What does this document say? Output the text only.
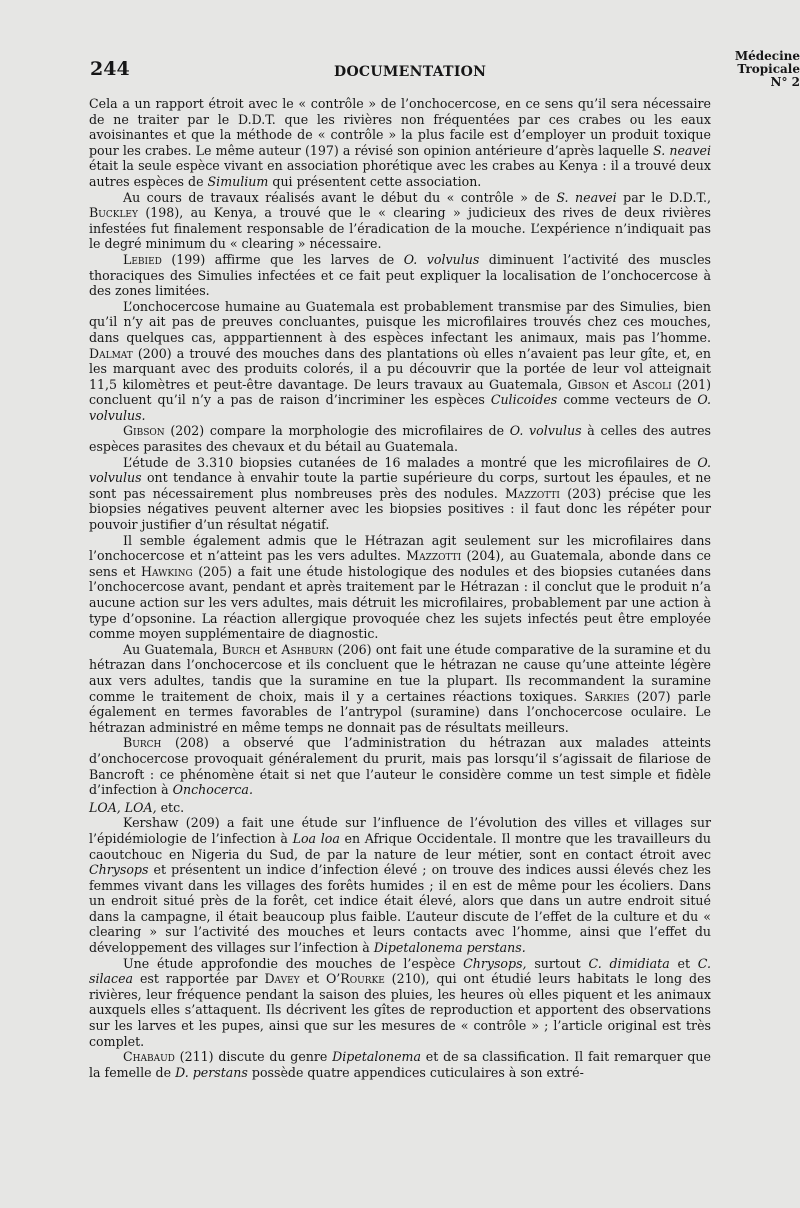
244	DOCUMENTATION
Médecine
Tropicale
N° 2

Cela a un rapport étroit avec le « contrôle » de l’onchocercose, en ce sens qu’il sera nécessaire de ne traiter par le D.D.T. que les rivières non fréquentées par ces crabes ou les eaux avoisinantes et que la méthode de « contrôle » la plus facile est d’employer un produit toxique pour les crabes. Le même auteur (197) a révisé son opinion antérieure d’après laquelle S. neavei était la seule espèce vivant en association phorétique avec les crabes au Kenya : il a trouvé deux autres espèces de Simulium qui présentent cette association.

Au cours de travaux réalisés avant le début du « contrôle » de S. neavei par le D.D.T., Buckley (198), au Kenya, a trouvé que le « clearing » judicieux des rives de deux rivières infestées fut finalement responsable de l’éradication de la mouche. L’expérience n’indiquait pas le degré minimum du « clearing » nécessaire.

Lebied (199) affirme que les larves de O. volvulus diminuent l’activité des muscles thoraciques des Simulies infectées et ce fait peut expliquer la localisation de l’onchocercose à des zones limitées.

L’onchocercose humaine au Guatemala est probablement transmise par des Simulies, bien qu’il n’y ait pas de preuves concluantes, puisque les microfilaires trouvés chez ces mouches, dans quelques cas, apppartiennent à des espèces infectant les animaux, mais pas l’homme. Dalmat (200) a trouvé des mouches dans des plantations où elles n’avaient pas leur gîte, et, en les marquant avec des produits colorés, il a pu découvrir que la portée de leur vol atteignait 11,5 kilomètres et peut-être davantage. De leurs travaux au Guatemala, Gibson et Ascoli (201) concluent qu’il n’y a pas de raison d’incriminer les espèces Culicoides comme vecteurs de O. volvulus.

Gibson (202) compare la morphologie des microfilaires de O. volvulus à celles des autres espèces parasites des chevaux et du bétail au Guatemala.

L’étude de 3.310 biopsies cutanées de 16 malades a montré que les microfilaires de O. volvulus ont tendance à envahir toute la partie supérieure du corps, surtout les épaules, et ne sont pas nécessairement plus nombreuses près des nodules. Mazzotti (203) précise que les biopsies négatives peuvent alterner avec les biopsies positives : il faut donc les répéter pour pouvoir justifier d’un résultat négatif.

Il semble également admis que le Hétrazan agit seulement sur les microfilaires dans l’onchocercose et n’atteint pas les vers adultes. Mazzotti (204), au Guatemala, abonde dans ce sens et Hawking (205) a fait une étude histologique des nodules et des biopsies cutanées dans l’onchocercose avant, pendant et après traitement par le Hétrazan : il conclut que le produit n’a aucune action sur les vers adultes, mais détruit les microfilaires, probablement par une action à type d’opsonine. La réaction allergique provoquée chez les sujets infectés peut être employée comme moyen supplémentaire de diagnostic.

Au Guatemala, Burch et Ashburn (206) ont fait une étude comparative de la suramine et du hétrazan dans l’onchocercose et ils concluent que le hétrazan ne cause qu’une atteinte légère aux vers adultes, tandis que la suramine en tue la plupart. Ils recommandent la suramine comme le traitement de choix, mais il y a certaines réactions toxiques. Sarkies (207) parle également en termes favorables de l’antrypol (suramine) dans l’onchocercose oculaire. Le hétrazan administré en même temps ne donnait pas de résultats meilleurs.

Burch (208) a observé que l’administration du hétrazan aux malades atteints d’onchocercose provoquait généralement du prurit, mais pas lorsqu’il s’agissait de filariose de Bancroft : ce phénomène était si net que l’auteur le considère comme un test simple et fidèle d’infection à Onchocerca.

LOA, LOA, etc.

Kershaw (209) a fait une étude sur l’influence de l’évolution des villes et villages sur l’épidémiologie de l’infection à Loa loa en Afrique Occidentale. Il montre que les travailleurs du caoutchouc en Nigeria du Sud, de par la nature de leur métier, sont en contact étroit avec Chrysops et présentent un indice d’infection élevé ; on trouve des indices aussi élevés chez les femmes vivant dans les villages des forêts humides ; il en est de même pour les écoliers. Dans un endroit situé près de la forêt, cet indice était élevé, alors que dans un autre endroit situé dans la campagne, il était beaucoup plus faible. L’auteur discute de l’effet de la culture et du « clearing » sur l’activité des mouches et leurs contacts avec l’homme, ainsi que l’effet du développement des villages sur l’infection à Dipetalonema perstans.

Une étude approfondie des mouches de l’espèce Chrysops, surtout C. dimidiata et C. silacea est rapportée par Davey et O’Rourke (210), qui ont étudié leurs habitats le long des rivières, leur fréquence pendant la saison des pluies, les heures où elles piquent et les animaux auxquels elles s’attaquent. Ils décrivent les gîtes de reproduction et apportent des observations sur les larves et les pupes, ainsi que sur les mesures de « contrôle » ; l’article original est très complet.

Chabaud (211) discute du genre Dipetalonema et de sa classification. Il fait remarquer que la femelle de D. perstans possède quatre appendices cuticulaires à son extré-
